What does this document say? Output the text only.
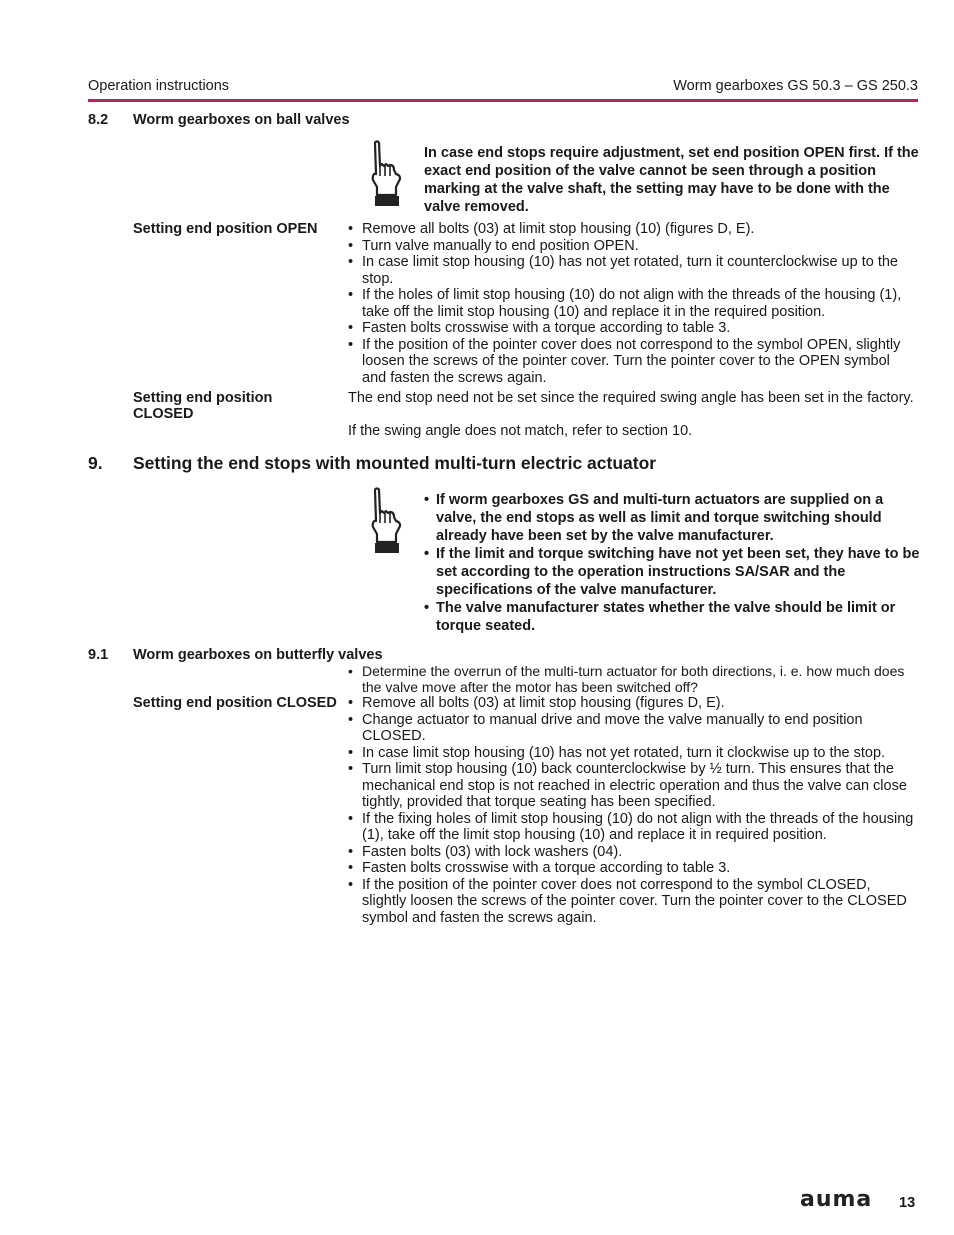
Operation instructions	Worm gearboxes GS 50.3 – GS 250.3
8.2 Worm gearboxes on ball valves
In case end stops require adjustment, set end position OPEN first. If the exact end position of the valve cannot be seen through a position marking at the valve shaft, the setting may have to be done with the valve removed.
Setting end position OPEN	• Remove all bolts (03) at limit stop housing (10) (figures D, E).
• Turn valve manually to end position OPEN.
• In case limit stop housing (10) has not yet rotated, turn it counterclockwise up to the stop.
• If the holes of limit stop housing (10) do not align with the threads of the housing (1), take off the limit stop housing (10) and replace it in the required position.
• Fasten bolts crosswise with a torque according to table 3.
• If the position of the pointer cover does not correspond to the symbol OPEN, slightly loosen the screws of the pointer cover. Turn the pointer cover to the OPEN symbol and fasten the screws again.
Setting end position
CLOSED
The end stop need not be set since the required swing angle has been set in the factory.
If the swing angle does not match, refer to section 10.
9. Setting the end stops with mounted multi-turn electric actuator
• If worm gearboxes GS and multi-turn actuators are supplied on a valve, the end stops as well as limit and torque switching should already have been set by the valve manufacturer.
• If the limit and torque switching have not yet been set, they have to be set according to the operation instructions SA/SAR and the specifications of the valve manufacturer.
• The valve manufacturer states whether the valve should be limit or torque seated.
9.1 Worm gearboxes on butterfly valves
• Determine the overrun of the multi-turn actuator for both directions, i. e. how much does the valve move after the motor has been switched off?
Setting end position CLOSED	• Remove all bolts (03) at limit stop housing (figures D, E).
• Change actuator to manual drive and move the valve manually to end position CLOSED.
• In case limit stop housing (10) has not yet rotated, turn it clockwise up to the stop.
• Turn limit stop housing (10) back counterclockwise by ½ turn. This ensures that the mechanical end stop is not reached in electric operation and thus the valve can close tightly, provided that torque seating has been specified.
• If the fixing holes of limit stop housing (10) do not align with the threads of the housing (1), take off the limit stop housing (10) and replace it in required position.
• Fasten bolts (03) with lock washers (04).
• Fasten bolts crosswise with a torque according to table 3.
• If the position of the pointer cover does not correspond to the symbol CLOSED, slightly loosen the screws of the pointer cover. Turn the pointer cover to the CLOSED symbol and fasten the screws again.
auma 13
